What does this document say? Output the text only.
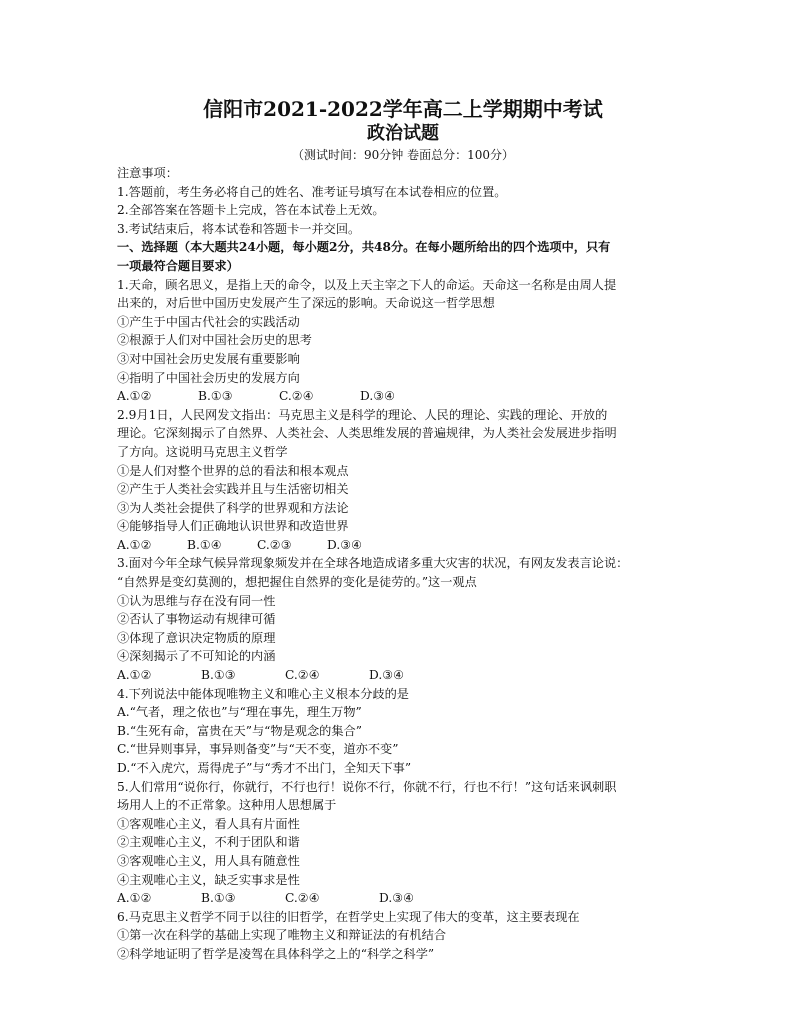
信阳市2021-2022学年高二上学期期中考试

政治试题

（测试时间：90分钟 卷面总分：100分）

注意事项：

1.答题前，考生务必将自己的姓名、准考证号填写在本试卷相应的位置。

2.全部答案在答题卡上完成，答在本试卷上无效。

3.考试结束后，将本试卷和答题卡一并交回。

一、选择题（本大题共24小题，每小题2分，共48分。在每小题所给出的四个选项中，只有

一项最符合题目要求）

1.天命，顾名思义，是指上天的命令，以及上天主宰之下人的命运。天命这一名称是由周人提

出来的，对后世中国历史发展产生了深远的影响。天命说这一哲学思想

①产生于中国古代社会的实践活动

②根源于人们对中国社会历史的思考

③对中国社会历史发展有重要影响

④指明了中国社会历史的发展方向

A.①②	B.①③	C.②④	D.③④

2.9月1日，人民网发文指出：马克思主义是科学的理论、人民的理论、实践的理论、开放的

理论。它深刻揭示了自然界、人类社会、人类思维发展的普遍规律，为人类社会发展进步指明

了方向。这说明马克思主义哲学

①是人们对整个世界的总的看法和根本观点

②产生于人类社会实践并且与生活密切相关

③为人类社会提供了科学的世界观和方法论

④能够指导人们正确地认识世界和改造世界

A.①②	B.①④	C.②③	D.③④

3.面对今年全球气候异常现象频发并在全球各地造成诸多重大灾害的状况，有网友发表言论说：

“自然界是变幻莫测的，想把握住自然界的变化是徒劳的。”这一观点

①认为思维与存在没有同一性

②否认了事物运动有规律可循

③体现了意识决定物质的原理

④深刻揭示了不可知论的内涵

A.①②	B.①③	C.②④	D.③④

4.下列说法中能体现唯物主义和唯心主义根本分歧的是

A.“气者，理之依也”与“理在事先，理生万物”

B.“生死有命，富贵在天”与“物是观念的集合”

C.“世异则事异，事异则备变”与“天不变，道亦不变”

D.“不入虎穴，焉得虎子”与“秀才不出门，全知天下事”

5.人们常用“说你行，你就行，不行也行！说你不行，你就不行，行也不行！”这句话来讽刺职

场用人上的不正常象。这种用人思想属于

①客观唯心主义，看人具有片面性

②主观唯心主义，不利于团队和谐

③客观唯心主义，用人具有随意性

④主观唯心主义，缺乏实事求是性

A.①②	B.①③	C.②④	D.③④

6.马克思主义哲学不同于以往的旧哲学，在哲学史上实现了伟大的变革，这主要表现在

①第一次在科学的基础上实现了唯物主义和辩证法的有机结合

②科学地证明了哲学是凌驾在具体科学之上的“科学之科学”
